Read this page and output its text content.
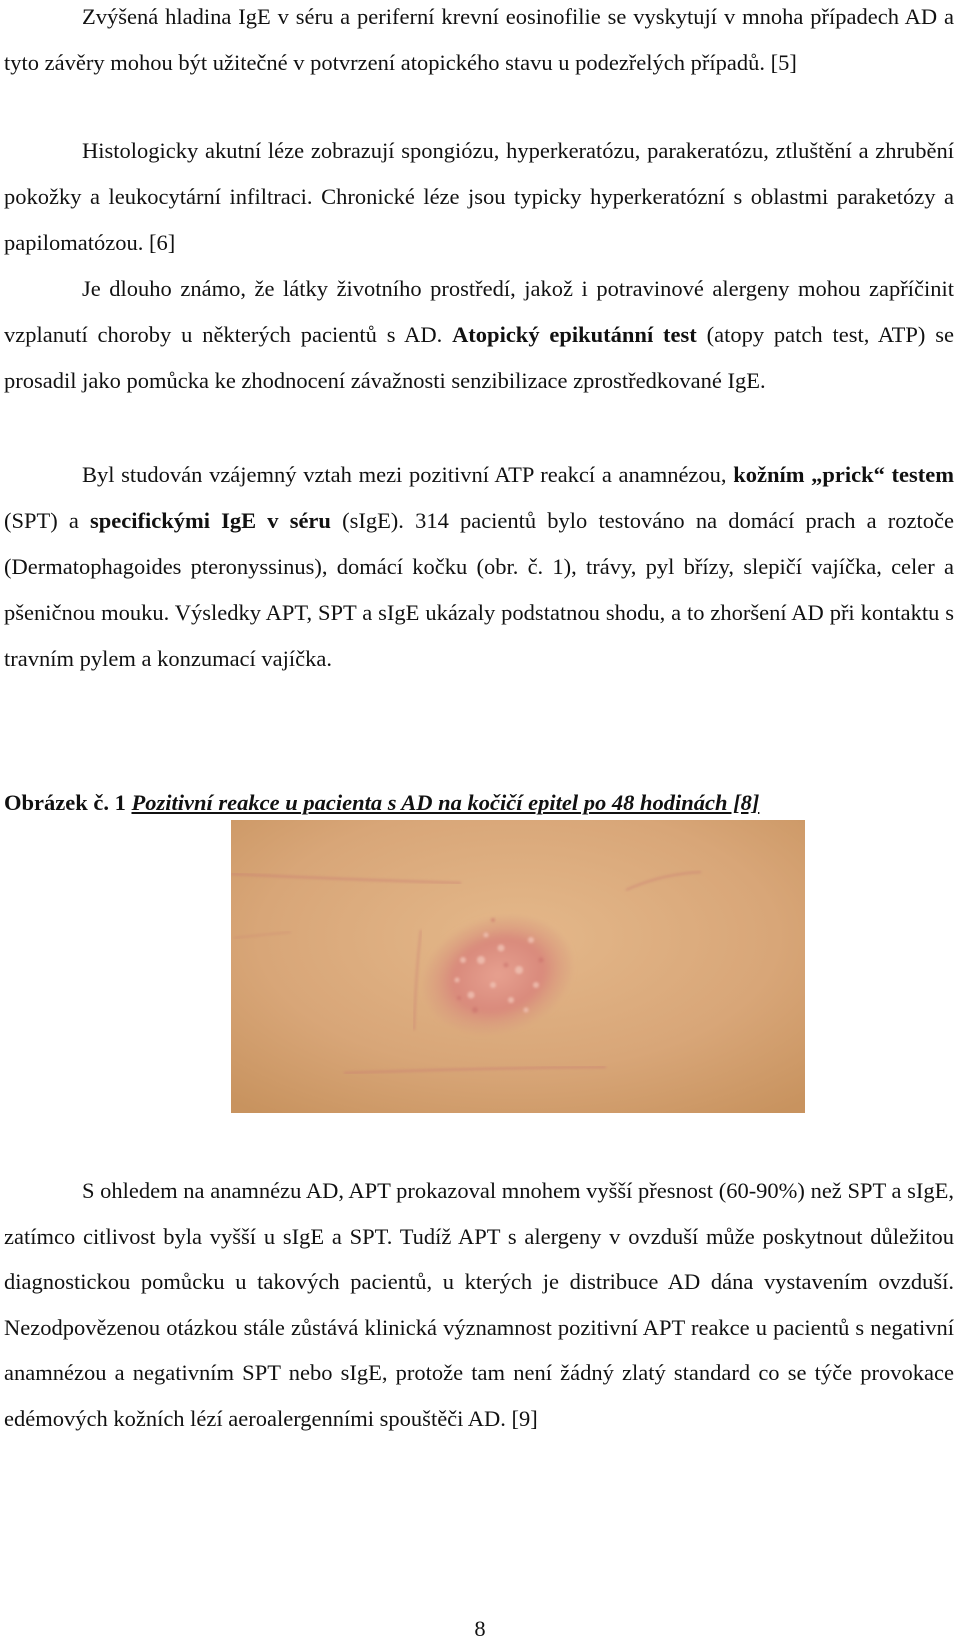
Zvýšená hladina IgE v séru a periferní krevní eosinofilie se vyskytují v mnoha případech AD a tyto závěry mohou být užitečné v potvrzení atopického stavu u podezřelých případů. [5]

Histologicky akutní léze zobrazují spongiózu, hyperkeratózu, parakeratózu, ztluštění a zhrubění pokožky a leukocytární infiltraci. Chronické léze jsou typicky hyperkeratózní s oblastmi paraketózy a papilomatózou. [6]

Je dlouho známo, že látky životního prostředí, jakož i potravinové alergeny mohou zapříčinit vzplanutí choroby u některých pacientů s AD. Atopický epikutánní test (atopy patch test, ATP) se prosadil jako pomůcka ke zhodnocení závažnosti senzibilizace zprostředkované IgE.

Byl studován vzájemný vztah mezi pozitivní ATP reakcí a anamnézou, kožním „prick“ testem (SPT) a specifickými IgE v séru (sIgE). 314 pacientů bylo testováno na domácí prach a roztoče (Dermatophagoides pteronyssinus), domácí kočku (obr. č. 1), trávy, pyl břízy, slepičí vajíčka, celer a pšeničnou mouku. Výsledky APT, SPT a sIgE ukázaly podstatnou shodu, a to zhoršení AD při kontaktu s travním pylem a konzumací vajíčka.

Obrázek č. 1 Pozitivní reakce u pacienta s AD na kočičí epitel po 48 hodinách [8]

S ohledem na anamnézu AD, APT prokazoval mnohem vyšší přesnost (60-90%) než SPT a sIgE, zatímco citlivost byla vyšší u sIgE a SPT. Tudíž APT s alergeny v ovzduší může poskytnout důležitou diagnostickou pomůcku u takových pacientů, u kterých je distribuce AD dána vystavením ovzduší. Nezodpovězenou otázkou stále zůstává klinická významnost pozitivní APT reakce u pacientů s negativní anamnézou a negativním SPT nebo sIgE, protože tam není žádný zlatý standard co se týče provokace edémových kožních lézí aeroalergenními spouštěči AD. [9]

8
